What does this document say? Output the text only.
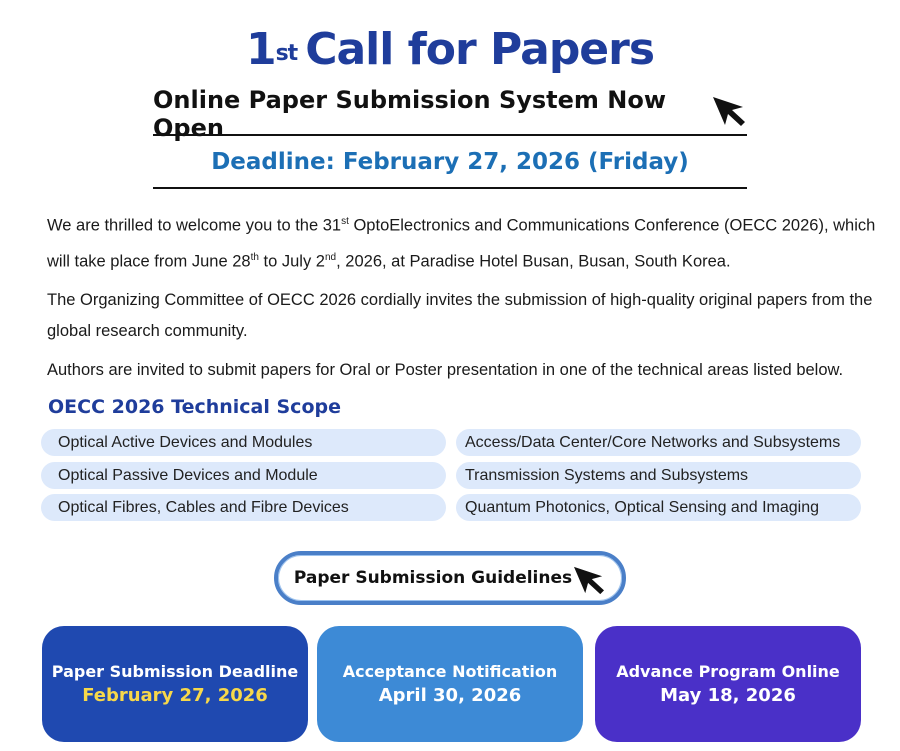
1st Call for Papers
Online Paper Submission System Now Open
Deadline: February 27, 2026 (Friday)

We are thrilled to welcome you to the 31st OptoElectronics and Communications Conference (OECC 2026), which will take place from June 28th to July 2nd, 2026, at Paradise Hotel Busan, Busan, South Korea.

The Organizing Committee of OECC 2026 cordially invites the submission of high-quality original papers from the global research community.

Authors are invited to submit papers for Oral or Poster presentation in one of the technical areas listed below.

OECC 2026 Technical Scope
Optical Active Devices and Modules
Optical Passive Devices and Module
Optical Fibres, Cables and Fibre Devices
Access/Data Center/Core Networks and Subsystems
Transmission Systems and Subsystems
Quantum Photonics, Optical Sensing and Imaging
Paper Submission Guidelines
Paper Submission Deadline
February 27, 2026
Acceptance Notification
April 30, 2026
Advance Program Online
May 18, 2026
